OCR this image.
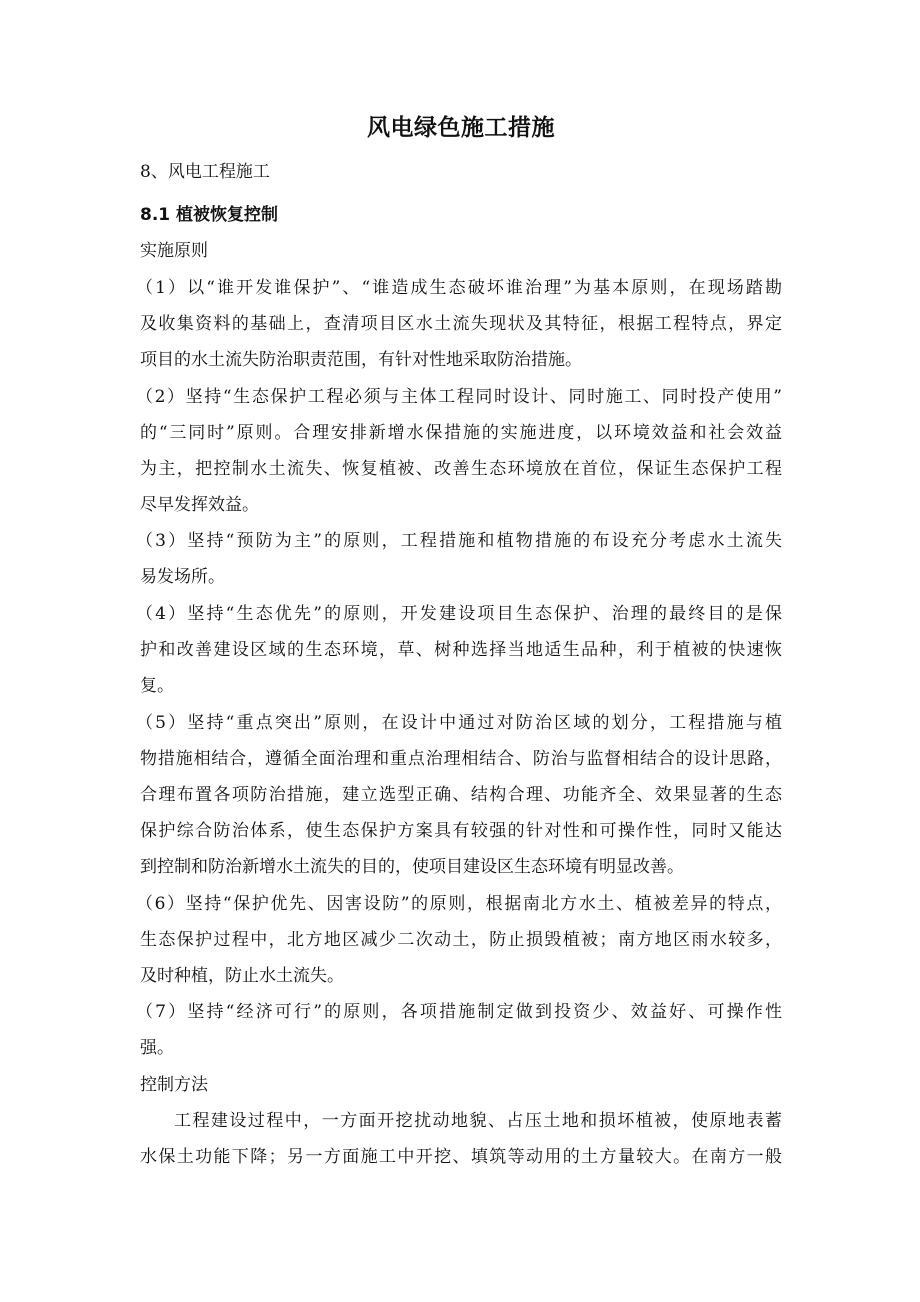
风电绿色施工措施
8、风电工程施工
8.1 植被恢复控制
实施原则
（1）以“谁开发谁保护”、“谁造成生态破坏谁治理”为基本原则，在现场踏勘
及收集资料的基础上，查清项目区水土流失现状及其特征，根据工程特点，界定
项目的水土流失防治职责范围，有针对性地采取防治措施。
（2）坚持“生态保护工程必须与主体工程同时设计、同时施工、同时投产使用”
的“三同时”原则。合理安排新增水保措施的实施进度，以环境效益和社会效益
为主，把控制水土流失、恢复植被、改善生态环境放在首位，保证生态保护工程
尽早发挥效益。
（3）坚持“预防为主”的原则，工程措施和植物措施的布设充分考虑水土流失
易发场所。
（4）坚持“生态优先”的原则，开发建设项目生态保护、治理的最终目的是保
护和改善建设区域的生态环境，草、树种选择当地适生品种，利于植被的快速恢
复。
（5）坚持“重点突出”原则，在设计中通过对防治区域的划分，工程措施与植
物措施相结合，遵循全面治理和重点治理相结合、防治与监督相结合的设计思路，
合理布置各项防治措施，建立选型正确、结构合理、功能齐全、效果显著的生态
保护综合防治体系，使生态保护方案具有较强的针对性和可操作性，同时又能达
到控制和防治新增水土流失的目的，使项目建设区生态环境有明显改善。
（6）坚持“保护优先、因害设防”的原则，根据南北方水土、植被差异的特点，
生态保护过程中，北方地区减少二次动土，防止损毁植被；南方地区雨水较多，
及时种植，防止水土流失。
（7）坚持“经济可行”的原则，各项措施制定做到投资少、效益好、可操作性
强。
控制方法
工程建设过程中，一方面开挖扰动地貌、占压土地和损坏植被，使原地表蓄
水保土功能下降；另一方面施工中开挖、填筑等动用的土方量较大。在南方一般
